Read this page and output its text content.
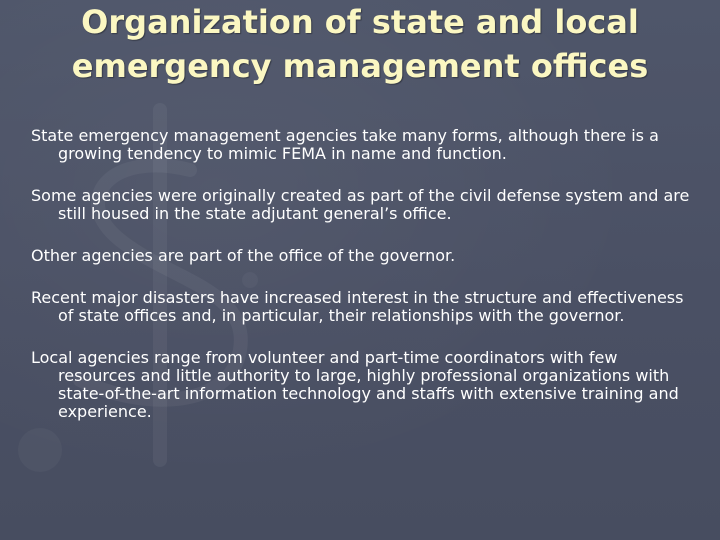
Organization of state and local emergency management offices
State emergency management agencies take many forms, although there is a growing tendency to mimic FEMA in name and function.
Some agencies were originally created as part of the civil defense system and are still housed in the state adjutant general’s office.
Other agencies are part of the office of the governor.
Recent major disasters have increased interest in the structure and effectiveness of state offices and, in particular, their relationships with the governor.
Local agencies range from volunteer and part-time coordinators with few resources and little authority to large, highly professional organizations with state-of-the-art information technology and staffs with extensive training and experience.
